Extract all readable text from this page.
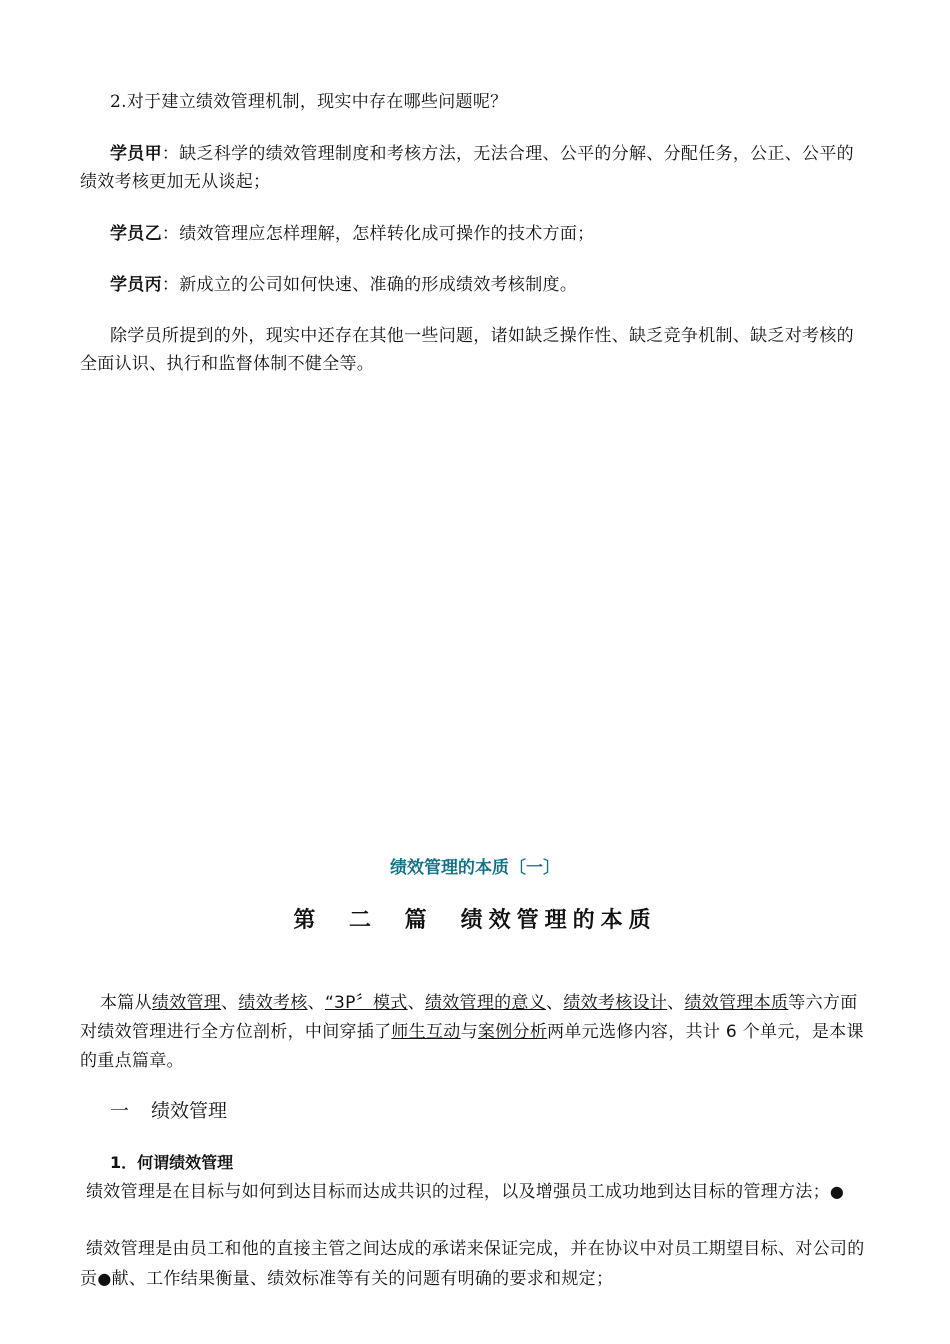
2.对于建立绩效管理机制，现实中存在哪些问题呢？

学员甲：缺乏科学的绩效管理制度和考核方法，无法合理、公平的分解、分配任务，公正、公平的绩效考核更加无从谈起；

学员乙：绩效管理应怎样理解，怎样转化成可操作的技术方面；

学员丙：新成立的公司如何快速、准确的形成绩效考核制度。

除学员所提到的外，现实中还存在其他一些问题，诸如缺乏操作性、缺乏竞争机制、缺乏对考核的全面认识、执行和监督体制不健全等。

绩效管理的本质〔一〕

第 二 篇　绩效管理的本质

本篇从绩效管理、绩效考核、“3P〞模式、绩效管理的意义、绩效考核设计、绩效管理本质等六方面对绩效管理进行全方位剖析，中间穿插了师生互动与案例分析两单元选修内容，共计 6 个单元，是本课的重点篇章。

一 绩效管理

1．何谓绩效管理

绩效管理是在目标与如何到达目标而达成共识的过程，以及增强员工成功地到达目标的管理方法；●

绩效管理是由员工和他的直接主管之间达成的承诺来保证完成，并在协议中对员工期望目标、对公司的贡●献、工作结果衡量、绩效标准等有关的问题有明确的要求和规定；
